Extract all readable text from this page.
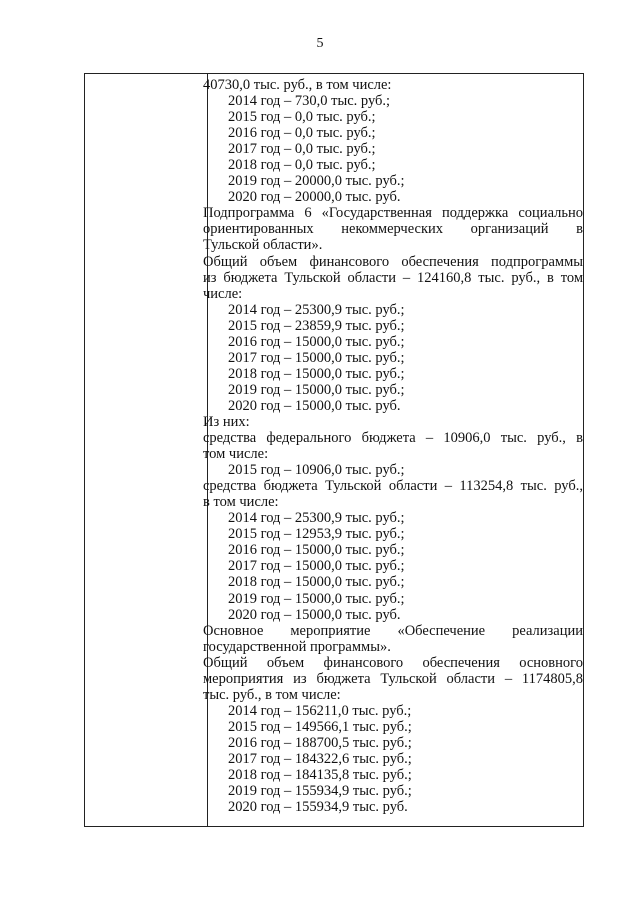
5
40730,0 тыс. руб., в том числе:
2014 год – 730,0 тыс. руб.;
2015 год – 0,0 тыс. руб.;
2016 год – 0,0 тыс. руб.;
2017 год – 0,0 тыс. руб.;
2018 год – 0,0 тыс. руб.;
2019 год – 20000,0 тыс. руб.;
2020 год – 20000,0 тыс. руб.
Подпрограмма 6 «Государственная поддержка социально
ориентированных некоммерческих организаций в
Тульской области».
Общий объем финансового обеспечения подпрограммы
из бюджета Тульской области – 124160,8 тыс. руб., в том
числе:
2014 год – 25300,9 тыс. руб.;
2015 год – 23859,9 тыс. руб.;
2016 год – 15000,0 тыс. руб.;
2017 год – 15000,0 тыс. руб.;
2018 год – 15000,0 тыс. руб.;
2019 год – 15000,0 тыс. руб.;
2020 год – 15000,0 тыс. руб.
Из них:
средства федерального бюджета – 10906,0 тыс. руб., в
том числе:
2015 год – 10906,0 тыс. руб.;
средства бюджета Тульской области – 113254,8 тыс. руб.,
в том числе:
2014 год – 25300,9 тыс. руб.;
2015 год – 12953,9 тыс. руб.;
2016 год – 15000,0 тыс. руб.;
2017 год – 15000,0 тыс. руб.;
2018 год – 15000,0 тыс. руб.;
2019 год – 15000,0 тыс. руб.;
2020 год – 15000,0 тыс. руб.
Основное мероприятие «Обеспечение реализации
государственной программы».
Общий объем финансового обеспечения основного
мероприятия из бюджета Тульской области – 1174805,8
тыс. руб., в том числе:
2014 год – 156211,0 тыс. руб.;
2015 год – 149566,1 тыс. руб.;
2016 год – 188700,5 тыс. руб.;
2017 год – 184322,6 тыс. руб.;
2018 год – 184135,8 тыс. руб.;
2019 год – 155934,9 тыс. руб.;
2020 год – 155934,9 тыс. руб.
